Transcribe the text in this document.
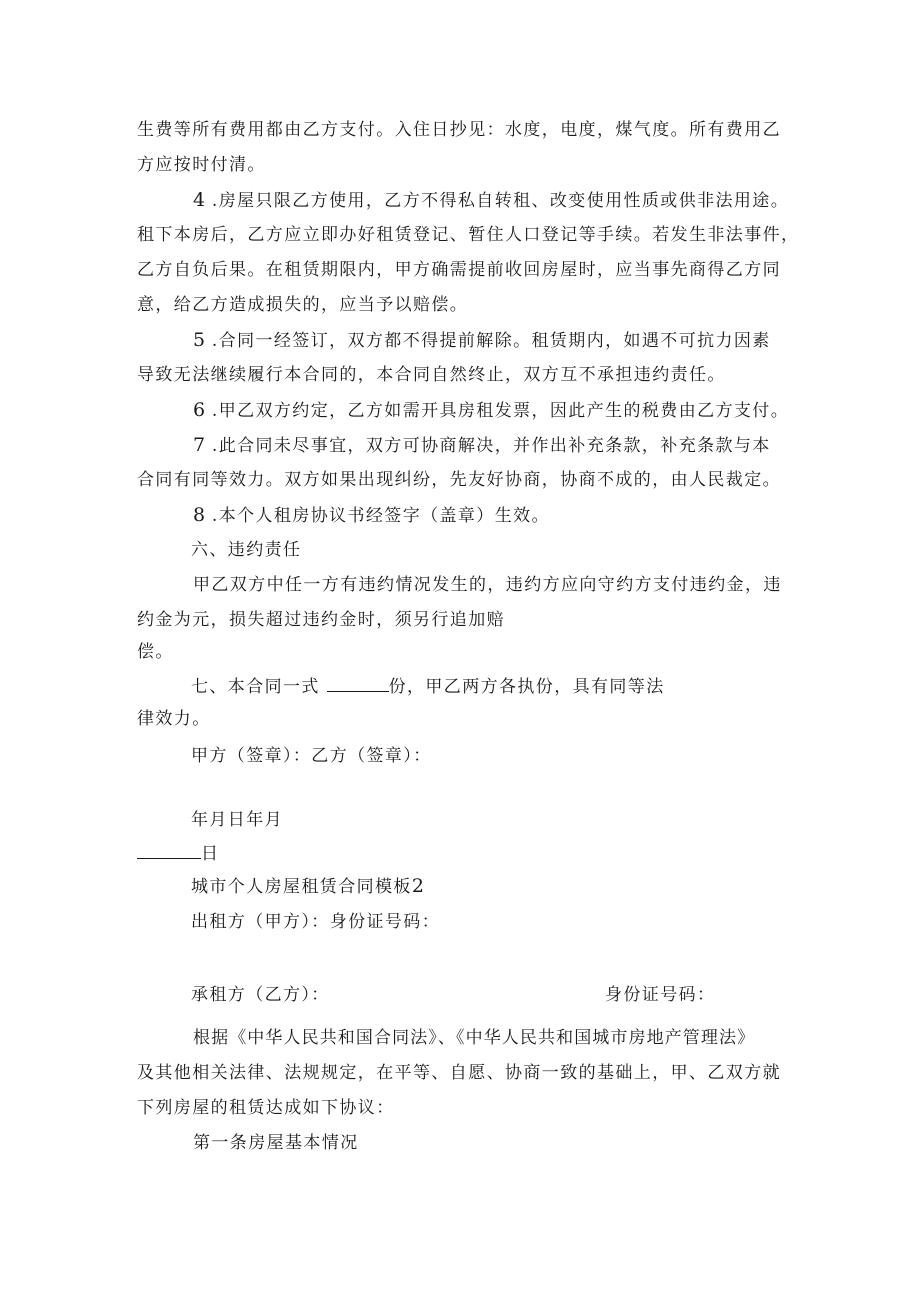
生费等所有费用都由乙方支付。入住日抄见：水度，电度，煤气度。所有费用乙
方应按时付清。
4 .房屋只限乙方使用，乙方不得私自转租、改变使用性质或供非法用途。
租下本房后，乙方应立即办好租赁登记、暂住人口登记等手续。若发生非法事件，
乙方自负后果。在租赁期限内，甲方确需提前收回房屋时，应当事先商得乙方同
意，给乙方造成损失的，应当予以赔偿。
5 .合同一经签订，双方都不得提前解除。租赁期内，如遇不可抗力因素
导致无法继续履行本合同的，本合同自然终止，双方互不承担违约责任。
6 .甲乙双方约定，乙方如需开具房租发票，因此产生的税费由乙方支付。
7 .此合同未尽事宜，双方可协商解决，并作出补充条款，补充条款与本
合同有同等效力。双方如果出现纠纷，先友好协商，协商不成的，由人民裁定。
8 .本个人租房协议书经签字（盖章）生效。
六、违约责任
甲乙双方中任一方有违约情况发生的，违约方应向守约方支付违约金，违
约金为元，损失超过违约金时，须另行追加赔
偿。
七、本合同一式	份，甲乙两方各执份，具有同等法
律效力。
甲方（签章）：乙方（签章）：
年月日年月
日
城市个人房屋租赁合同模板2
出租方（甲方）：身份证号码：
承租方（乙方）：	身份证号码：
根据《中华人民共和国合同法》、《中华人民共和国城市房地产管理法》
及其他相关法律、法规规定，在平等、自愿、协商一致的基础上，甲、乙双方就
下列房屋的租赁达成如下协议：
第一条房屋基本情况
